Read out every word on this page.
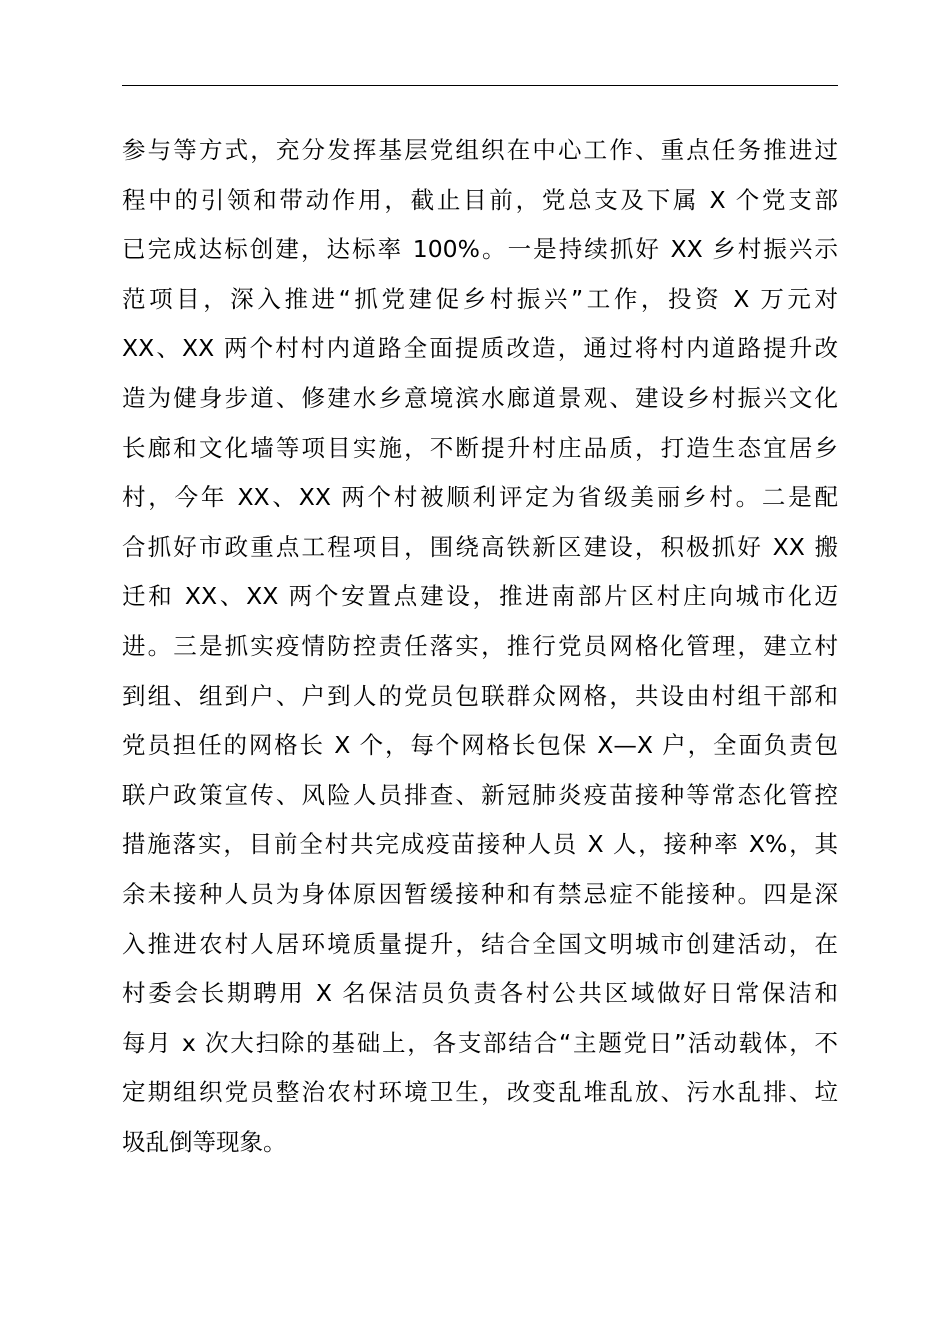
参与等方式，充分发挥基层党组织在中心工作、重点任务推进过
程中的引领和带动作用，截止目前，党总支及下属 X 个党支部
已完成达标创建，达标率 100%。一是持续抓好 XX 乡村振兴示
范项目，深入推进“抓党建促乡村振兴”工作，投资 X 万元对
XX、XX 两个村村内道路全面提质改造，通过将村内道路提升改
造为健身步道、修建水乡意境滨水廊道景观、建设乡村振兴文化
长廊和文化墙等项目实施，不断提升村庄品质，打造生态宜居乡
村，今年 XX、XX 两个村被顺利评定为省级美丽乡村。二是配
合抓好市政重点工程项目，围绕高铁新区建设，积极抓好 XX 搬
迁和 XX、XX 两个安置点建设，推进南部片区村庄向城市化迈
进。三是抓实疫情防控责任落实，推行党员网格化管理，建立村
到组、组到户、户到人的党员包联群众网格，共设由村组干部和
党员担任的网格长 X 个，每个网格长包保 X—X 户，全面负责包
联户政策宣传、风险人员排查、新冠肺炎疫苗接种等常态化管控
措施落实，目前全村共完成疫苗接种人员 X 人，接种率 X%，其
余未接种人员为身体原因暂缓接种和有禁忌症不能接种。四是深
入推进农村人居环境质量提升，结合全国文明城市创建活动，在
村委会长期聘用 X 名保洁员负责各村公共区域做好日常保洁和
每月 x 次大扫除的基础上，各支部结合“主题党日”活动载体，不
定期组织党员整治农村环境卫生，改变乱堆乱放、污水乱排、垃
圾乱倒等现象。
